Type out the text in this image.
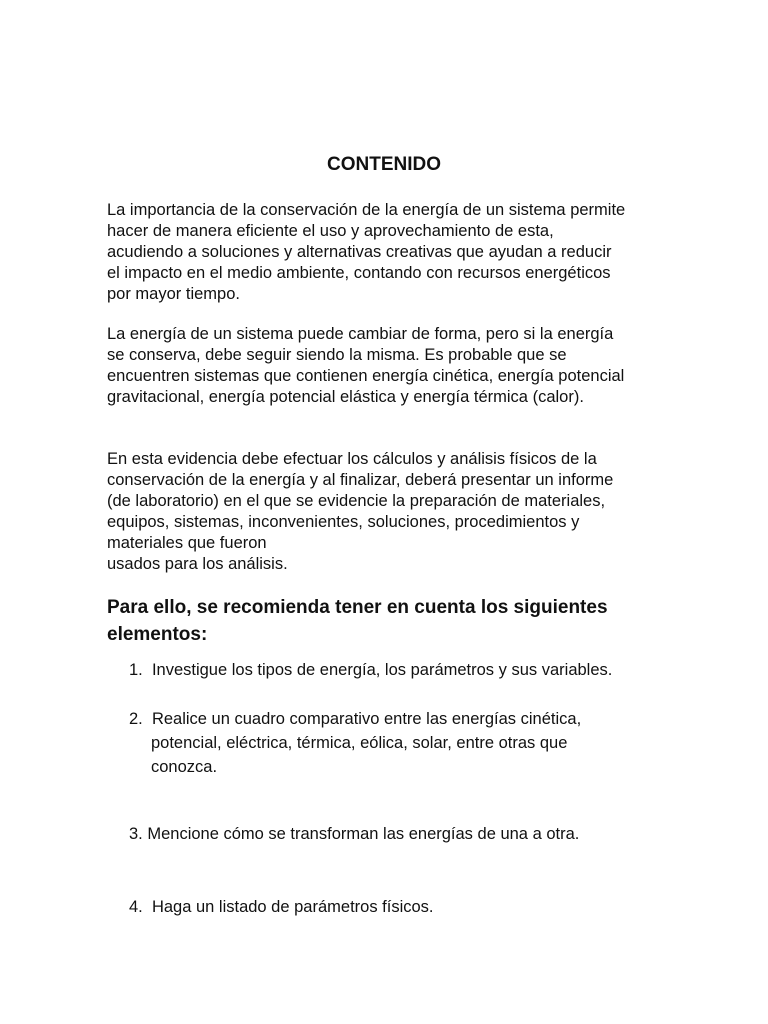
CONTENIDO

La importancia de la conservación de la energía de un sistema permite
hacer de manera eficiente el uso y aprovechamiento de esta,
acudiendo a soluciones y alternativas creativas que ayudan a reducir
el impacto en el medio ambiente, contando con recursos energéticos
por mayor tiempo.

La energía de un sistema puede cambiar de forma, pero si la energía
se conserva, debe seguir siendo la misma. Es probable que se
encuentren sistemas que contienen energía cinética, energía potencial
gravitacional, energía potencial elástica y energía térmica (calor).

En esta evidencia debe efectuar los cálculos y análisis físicos de la
conservación de la energía y al finalizar, deberá presentar un informe
(de laboratorio) en el que se evidencie la preparación de materiales,
equipos, sistemas, inconvenientes, soluciones, procedimientos y
materiales que fueron
usados para los análisis.

Para ello, se recomienda tener en cuenta los siguientes
elementos:
1. Investigue los tipos de energía, los parámetros y sus variables.
2. Realice un cuadro comparativo entre las energías cinética,
potencial, eléctrica, térmica, eólica, solar, entre otras que
conozca.
3. Mencione cómo se transforman las energías de una a otra.
4. Haga un listado de parámetros físicos.
